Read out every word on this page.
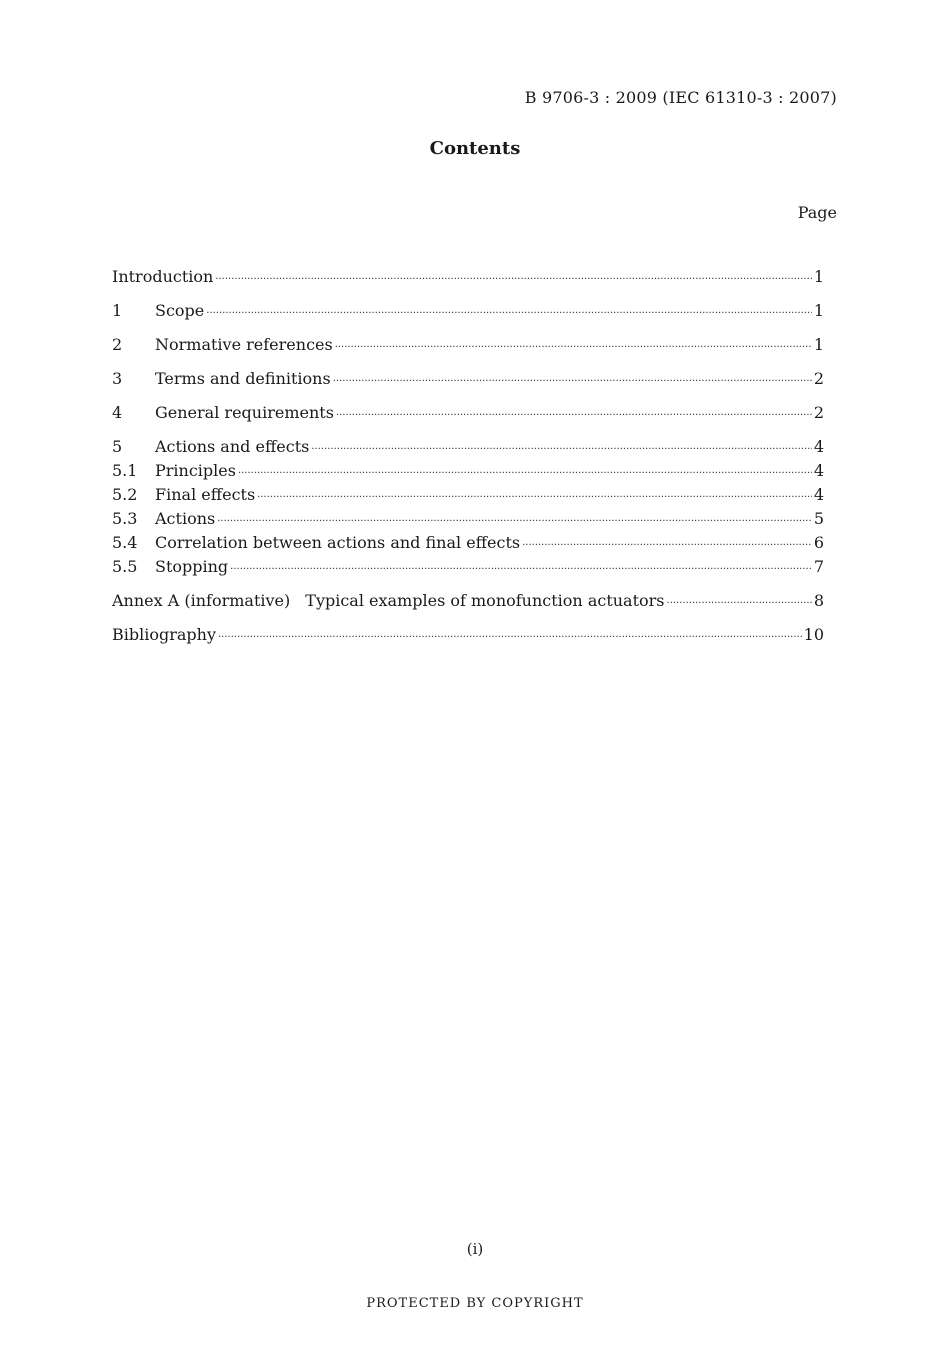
B 9706-3 : 2009 (IEC 61310-3 : 2007)
Contents
Page
Introduction ·····	1
1	Scope ·····	1
2	Normative references ·····	1
3	Terms and definitions ·····	2
4	General requirements ·····	2
5	Actions and effects ·····	4
5.1	Principles ·····	4
5.2	Final effects ·····	4
5.3	Actions ·····	5
5.4	Correlation between actions and final effects ·····	6
5.5	Stopping ·····	7
Annex A (informative) Typical examples of monofunction actuators ·····	8
Bibliography ·····	10
(i)
PROTECTED BY COPYRIGHT
